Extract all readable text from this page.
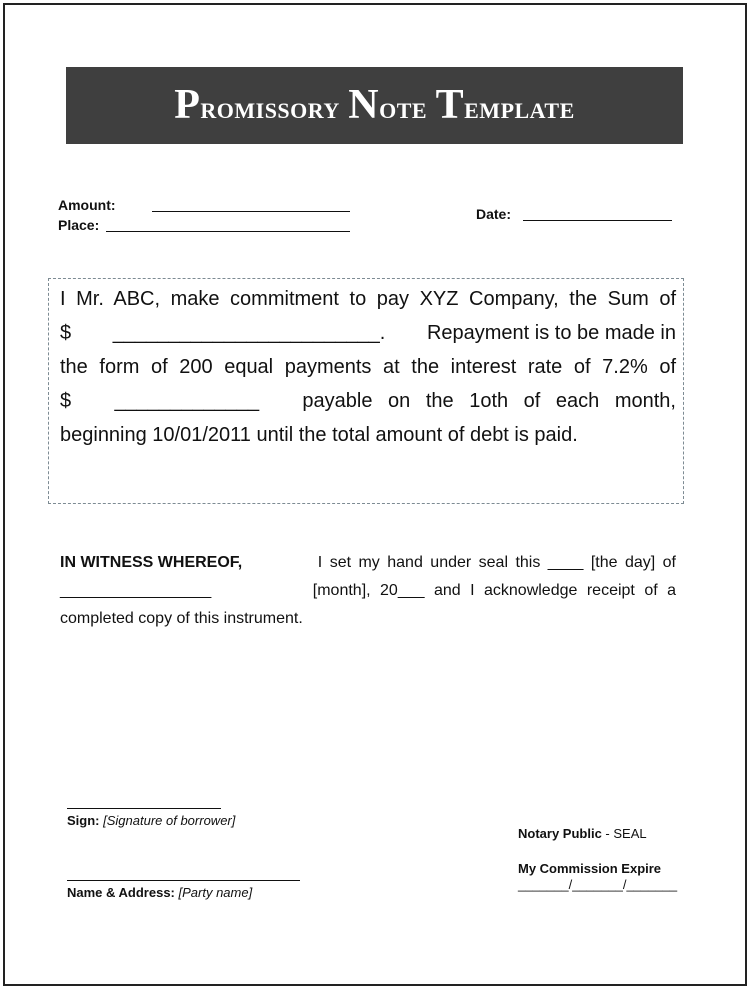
Promissory Note Template
Amount:
Place:
Date:
I Mr. ABC, make commitment to pay XYZ Company, the Sum of
$ ________________________. Repayment is to be made in
the form of 200 equal payments at the interest rate of 7.2% of
$ _____________ payable on the 1oth of each month,
beginning 10/01/2011 until the total amount of debt is paid.
IN WITNESS WHEREOF,	I set my hand under seal this ____ [the day] of
_________________	[month], 20___ and I acknowledge receipt of a
completed copy of this instrument.
Sign: [Signature of borrower]
Name & Address: [Party name]
Notary Public - SEAL
My Commission Expire
_______/_______/_______
